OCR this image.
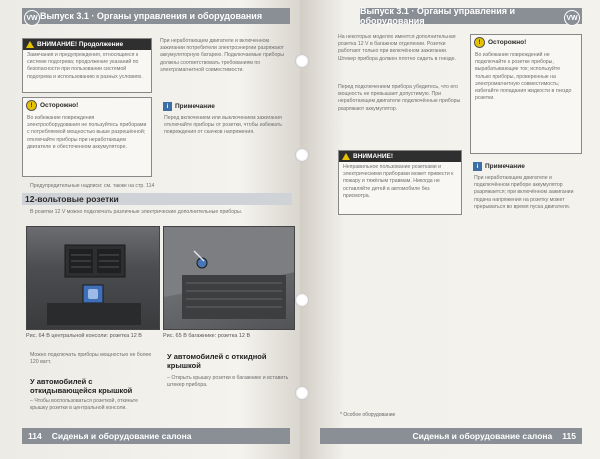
VW Выпуск 3.1 · Органы управления и оборудования
ВНИМАНИЕ! Продолжение
Замечания и предупреждения, относящиеся к системе подогрева; продолжение указаний по безопасности при пользовании системой подогрева и использованию в разных условиях.
!	Осторожно!
Во избежание повреждения электрооборудования не пользуйтесь приборами с потребляемой мощностью выше разрешённой; отключайте приборы при неработающем двигателе и обесточенном аккумуляторе.
При неработающем двигателе и включенном зажигании потребители электроэнергии разряжают аккумуляторную батарею. Подключаемые приборы должны соответствовать требованиям по электромагнитной совместимости.
i	Примечание
Перед включением или выключением зажигания отключайте приборы от розетки, чтобы избежать повреждения от скачков напряжения.
Предупредительные надписи: см. также на стр. 114
12-вольтовые розетки
В розетки 12 V можно подключать различные электрические дополнительные приборы.
Рис. 64 В центральной консоли: розетка 12 В	Рис. 65 В багажнике: розетка 12 В
Можно подключать приборы мощностью не более 120 ватт.
У автомобилей с откидывающейся крышкой
– Чтобы воспользоваться розеткой, откиньте крышку розетки в центральной консоли.
У автомобилей с откидной крышкой
– Открыть крышку розетки в багажнике и вставить штекер прибора.
114 Сиденья и оборудование салона
Выпуск 3.1 · Органы управления и оборудования	VW
На некоторых моделях имеется дополнительная розетка 12 V в багажном отделении. Розетки работают только при включённом зажигании. Штекер прибора должен плотно сидеть в гнезде.
Перед подключением прибора убедитесь, что его мощность не превышает допустимую. При неработающем двигателе подключённые приборы разряжают аккумулятор.
ВНИМАНИЕ!
Неправильное пользование розетками и электрическими приборами может привести к пожару и тяжёлым травмам. Никогда не оставляйте детей в автомобиле без присмотра.
!	Осторожно!
Во избежание повреждений не подключайте к розетке приборы, вырабатывающие ток; используйте только приборы, проверенные на электромагнитную совместимость; избегайте попадания жидкости в гнездо розетки.
i	Примечание
При неработающем двигателе и подключённом приборе аккумулятор разряжается; при включённом зажигании подача напряжения на розетку может прерываться во время пуска двигателя.
* Особое оборудование
Сиденья и оборудование салона 115
